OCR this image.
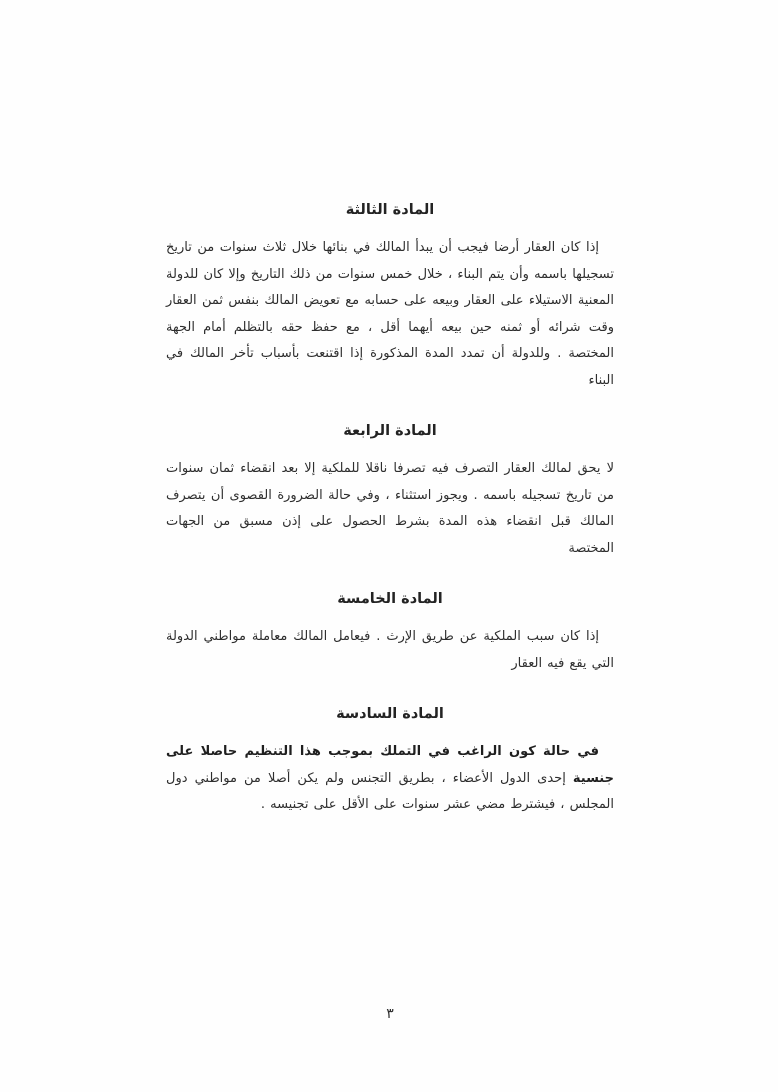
المادة الثالثة

إذا كان العقار أرضا فيجب أن يبدأ المالك في بنائها خلال ثلاث سنوات من تاريخ تسجيلها باسمه وأن يتم البناء ، خلال خمس سنوات من ذلك التاريخ وإلا كان للدولة المعنية الاستيلاء على العقار وبيعه على حسابه مع تعويض المالك بنفس ثمن العقار وقت شرائه أو ثمنه حين بيعه أيهما أقل ، مع حفظ حقه بالتظلم أمام الجهة المختصة . وللدولة أن تمدد المدة المذكورة إذا اقتنعت بأسباب تأخر المالك في البناء

المادة الرابعة

لا يحق لمالك العقار التصرف فيه تصرفا ناقلا للملكية إلا بعد انقضاء ثمان سنوات من تاريخ تسجيله باسمه . ويجوز استثناء ، وفي حالة الضرورة القصوى أن يتصرف المالك قبل انقضاء هذه المدة بشرط الحصول على إذن مسبق من الجهات المختصة

المادة الخامسة

إذا كان سبب الملكية عن طريق الإرث . فيعامل المالك معاملة مواطني الدولة التي يقع فيه العقار

المادة السادسة

في حالة كون الراغب في التملك بموجب هذا التنظيم حاصلا على جنسية إحدى الدول الأعضاء ، بطريق التجنس ولم يكن أصلا من مواطني دول المجلس ، فيشترط مضي عشر سنوات على الأقل على تجنيسه .

٣
